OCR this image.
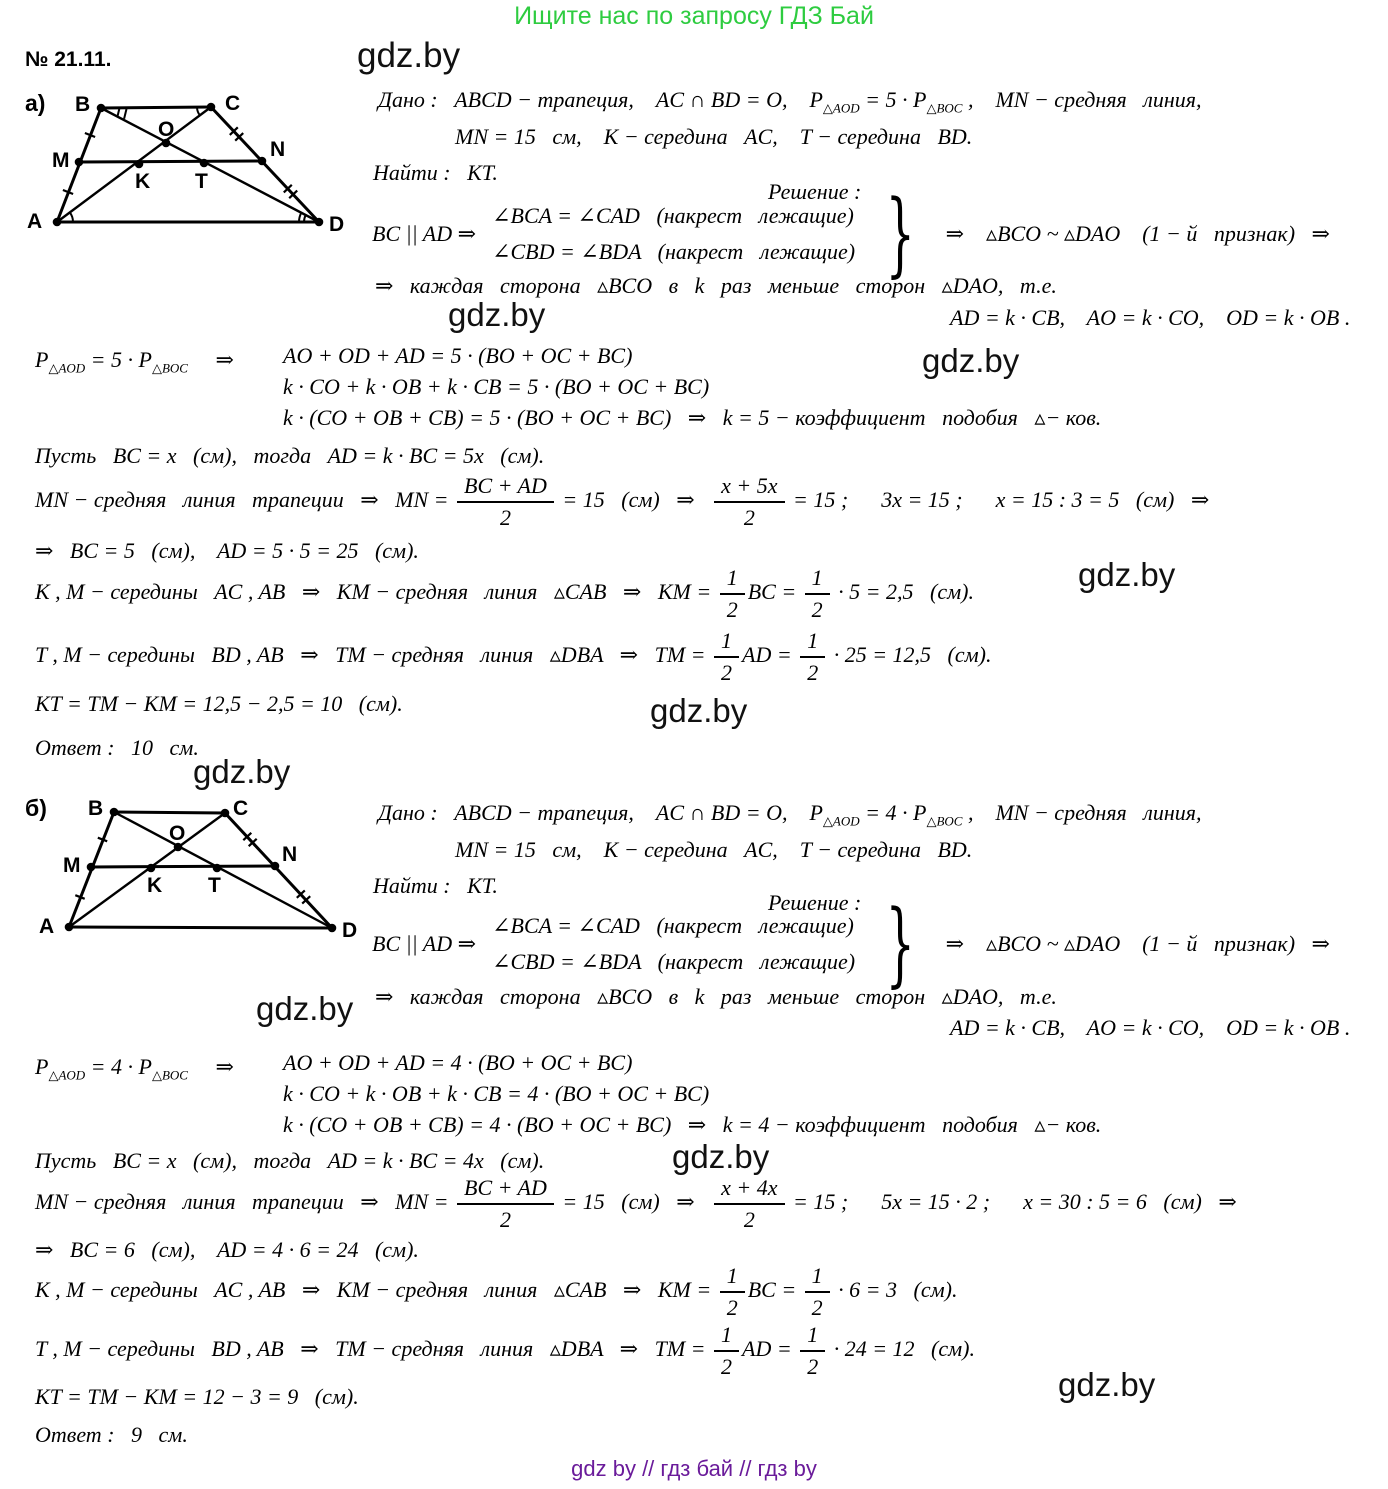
Ищите нас по запросу ГДЗ Бай
№ 21.11.	gdz.by
gdz.by
gdz.by
gdz.by
gdz.by
gdz.by
gdz.by
gdz.by
gdz.by
а) B	C
O
M	N
K T
A	D
Дано :   ABCD − трапеция,    AC ∩ BD = O,    $P_{\triangle AOD} = 5 \cdot P_{\triangle BOC}$ ,    MN − средняя   линия,
MN = 15   см,    K − середина   AC,    T − середина   BD.
Найти :   KT.
Решение :
BC || AD ⇒
∠BCA = ∠CAD   (накрест   лежащие)
∠CBD = ∠BDA   (накрест   лежащие) } ⇒    ▵BCO ~ ▵DAO    (1 − й   признак)   ⇒
⇒   каждая   сторона   ▵BCO   в   k   раз   меньше   сторон   ▵DAO,   т.е.
AD = k · CB,    AO = k · CO,    OD = k · OB .
$P_{\triangle AOD} = 5 \cdot P_{\triangle BOC}$     ⇒ AO + OD + AD = 5 · (BO + OC + BC)
k · CO + k · OB + k · CB = 5 · (BO + OC + BC)
k · (CO + OB + CB) = 5 · (BO + OC + BC)   ⇒   k = 5 − коэффициент   подобия   ▵− ков.
Пусть   BC = x   (см),   тогда   AD = k · BC = 5x   (см).
MN − средняя   линия   трапеции   ⇒   MN = $\frac{BC + AD}{2} = 15$   (см)   ⇒ $\frac{x + 5x}{2} = 15$ ;      3x = 15 ;      x = 15 : 3 = 5   (см)   ⇒
⇒   BC = 5   (см),    AD = 5 · 5 = 25   (см).
K , M − середины   AC , AB   ⇒   KM − средняя   линия   ▵CAB   ⇒   KM = $\frac{1}{2}$ BC = $\frac{1}{2} \cdot 5 = 2,5$   (см).
T , M − середины   BD , AB   ⇒   TM − средняя   линия   ▵DBA   ⇒   TM = $\frac{1}{2}$ AD = $\frac{1}{2} \cdot 25 = 12,5$   (см).
KT = TM − KM = 12,5 − 2,5 = 10   (см).
Ответ :   10   см.
б) B	C
O
M	N
K T
A	D
Дано :   ABCD − трапеция,    AC ∩ BD = O,    $P_{\triangle AOD} = 4 \cdot P_{\triangle BOC}$ ,    MN − средняя   линия,
MN = 15   см,    K − середина   AC,    T − середина   BD.
Найти :   KT.
Решение :
BC || AD ⇒
∠BCA = ∠CAD   (накрест   лежащие)
∠CBD = ∠BDA   (накрест   лежащие) } ⇒    ▵BCO ~ ▵DAO    (1 − й   признак)   ⇒
⇒   каждая   сторона   ▵BCO   в   k   раз   меньше   сторон   ▵DAO,   т.е.
AD = k · CB,    AO = k · CO,    OD = k · OB .
$P_{\triangle AOD} = 4 \cdot P_{\triangle BOC}$     ⇒ AO + OD + AD = 4 · (BO + OC + BC)
k · CO + k · OB + k · CB = 4 · (BO + OC + BC)
k · (CO + OB + CB) = 4 · (BO + OC + BC)   ⇒   k = 4 − коэффициент   подобия   ▵− ков.
Пусть   BC = x   (см),   тогда   AD = k · BC = 4x   (см).
MN − средняя   линия   трапеции   ⇒   MN = $\frac{BC + AD}{2} = 15$   (см)   ⇒ $\frac{x + 4x}{2} = 15$ ;      5x = 15 · 2 ;      x = 30 : 5 = 6   (см)   ⇒
⇒   BC = 6   (см),    AD = 4 · 6 = 24   (см).
K , M − середины   AC , AB   ⇒   KM − средняя   линия   ▵CAB   ⇒   KM = $\frac{1}{2}$ BC = $\frac{1}{2} \cdot 6 = 3$   (см).
T , M − середины   BD , AB   ⇒   TM − средняя   линия   ▵DBA   ⇒   TM = $\frac{1}{2}$ AD = $\frac{1}{2} \cdot 24 = 12$   (см).
KT = TM − KM = 12 − 3 = 9   (см).
Ответ :   9   см.
gdz by // гдз бай // гдз by
